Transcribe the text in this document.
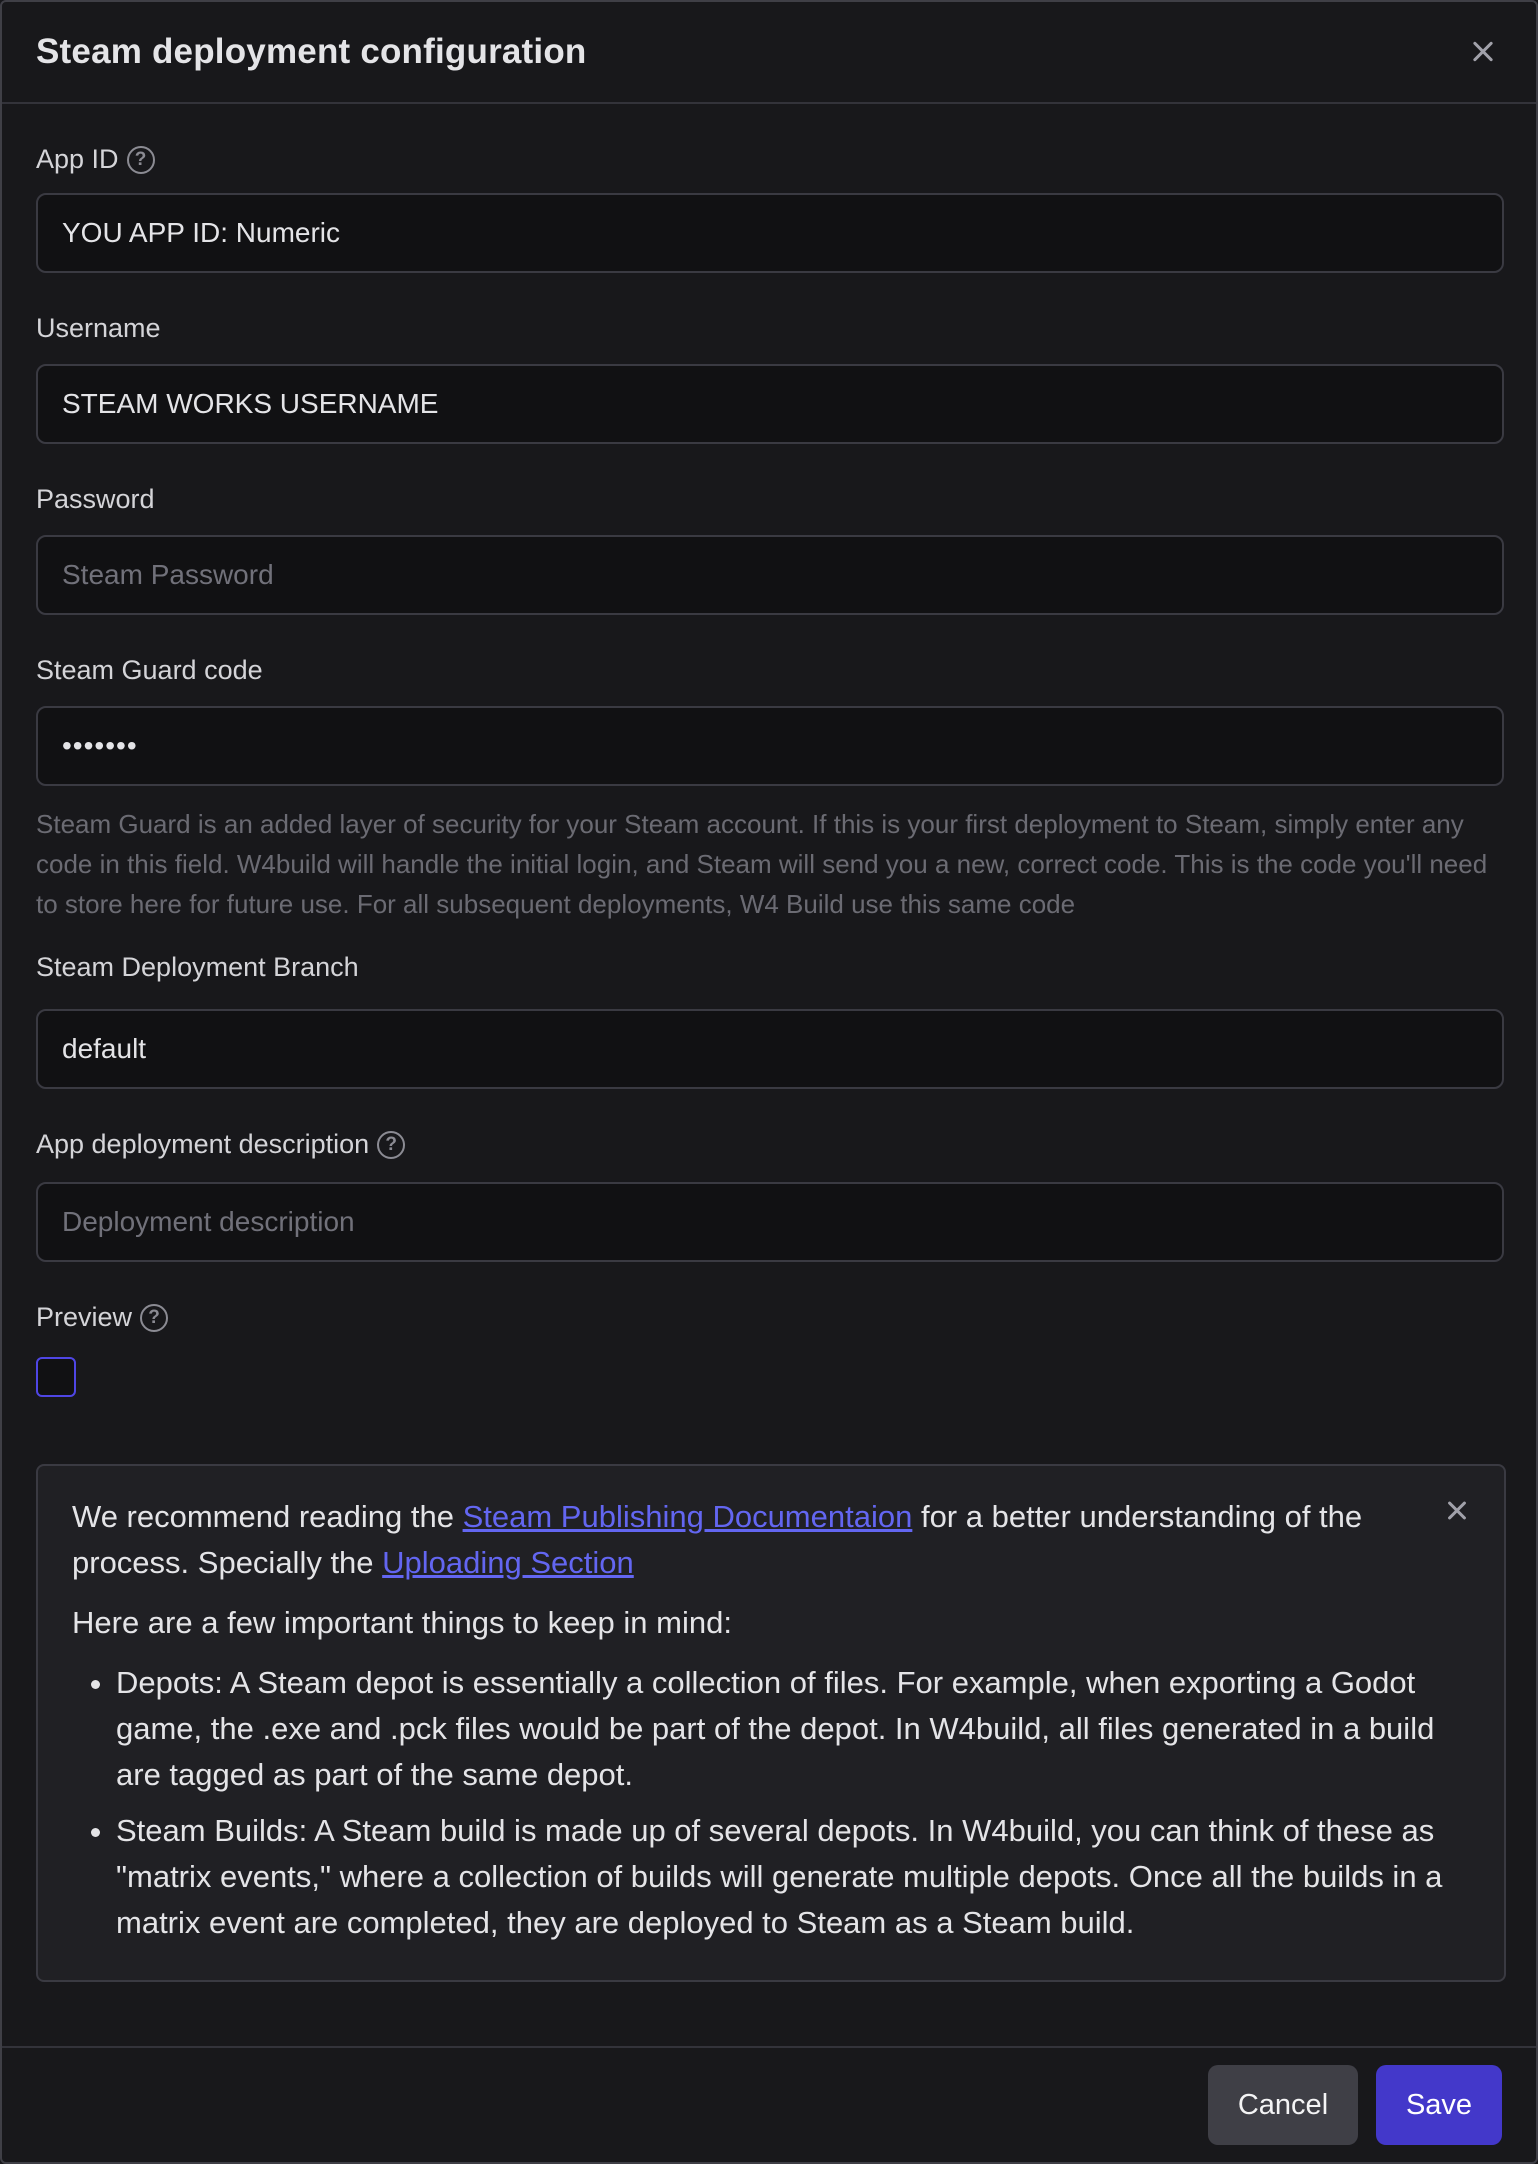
Steam deployment configuration
App ID ?
YOU APP ID: Numeric
Username
STEAM WORKS USERNAME
Password
Steam Password
Steam Guard code
•••••••
Steam Guard is an added layer of security for your Steam account. If this is your first deployment to Steam, simply enter any code in this field. W4build will handle the initial login, and Steam will send you a new, correct code. This is the code you'll need to store here for future use. For all subsequent deployments, W4 Build use this same code
Steam Deployment Branch
default
App deployment description ?
Deployment description
Preview ?

We recommend reading the Steam Publishing Documentaion for a better understanding of the process. Specially the Uploading Section

Here are a few important things to keep in mind:

• Depots: A Steam depot is essentially a collection of files. For example, when exporting a Godot game, the .exe and .pck files would be part of the depot. In W4build, all files generated in a build are tagged as part of the same depot.
• Steam Builds: A Steam build is made up of several depots. In W4build, you can think of these as "matrix events," where a collection of builds will generate multiple depots. Once all the builds in a matrix event are completed, they are deployed to Steam as a Steam build.
Cancel	Save
